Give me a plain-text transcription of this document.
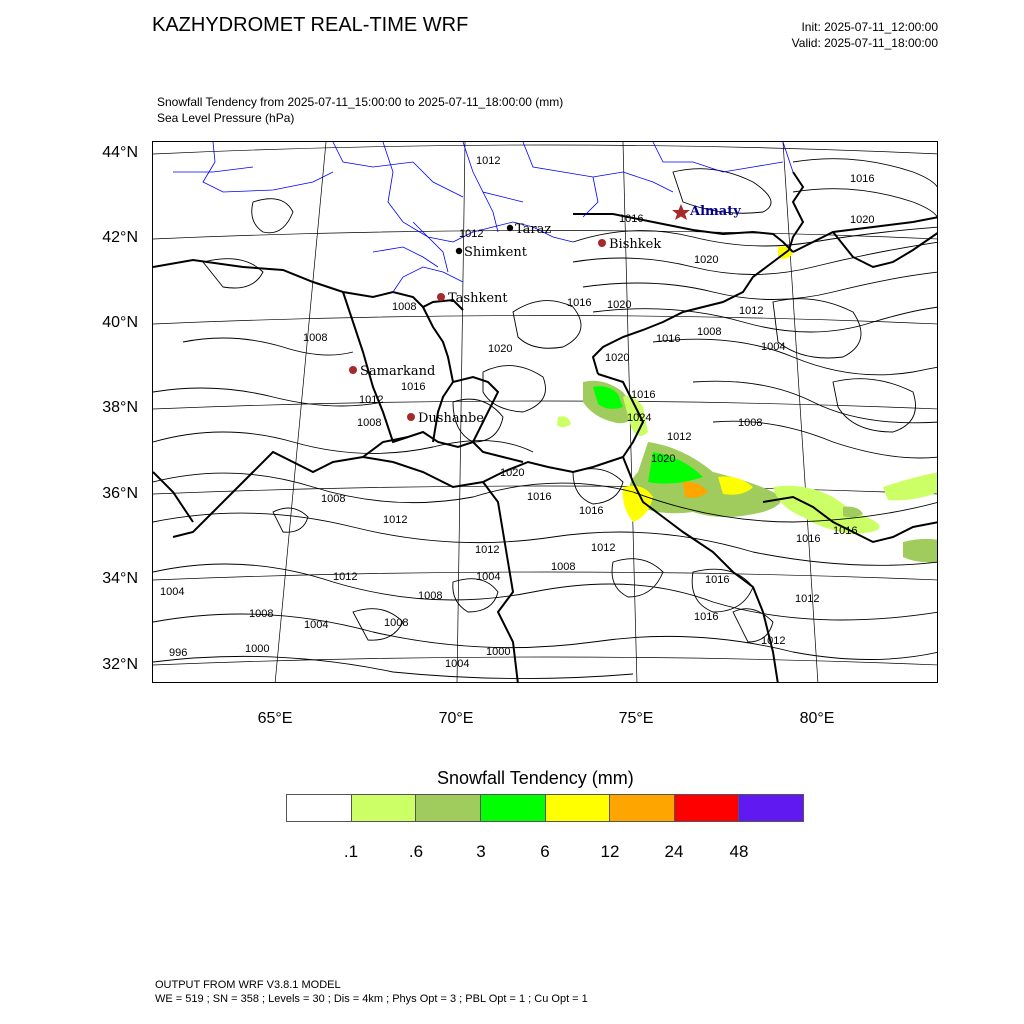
KAZHYDROMET REAL-TIME WRF	Init: 2025-07-11_12:00:00
Valid: 2025-07-11_18:00:00
Snowfall Tendency from 2025-07-11_15:00:00 to 2025-07-11_18:00:00 (mm)
Sea Level Pressure (hPa)
44°N
42°N
40°N
38°N
36°N
34°N
32°N
65°E	70°E	75°E	80°E
1012
1016
1020
1012
1020
1016
1008	1016 1020	1012
1008	1016
1008
1004
1020
1020
1016
1024
1012
1008
1016
1012
1008
1020
1016
1016
1020
1008
1012
1012	1012
1016
1008
1016
1004
1012
1004	1008
1008	1016
1016
1004
996	1000	1000
1004
1012
1012
1008
Almaty
Taraz
Bishkek
Shimkent
Tashkent
Samarkand
Dushanbe
Snowfall Tendency (mm)
.1	.6	3	6	12	24	48
OUTPUT FROM WRF V3.8.1 MODEL
WE = 519 ; SN = 358 ; Levels = 30 ; Dis = 4km ; Phys Opt = 3 ; PBL Opt = 1 ; Cu Opt = 1
